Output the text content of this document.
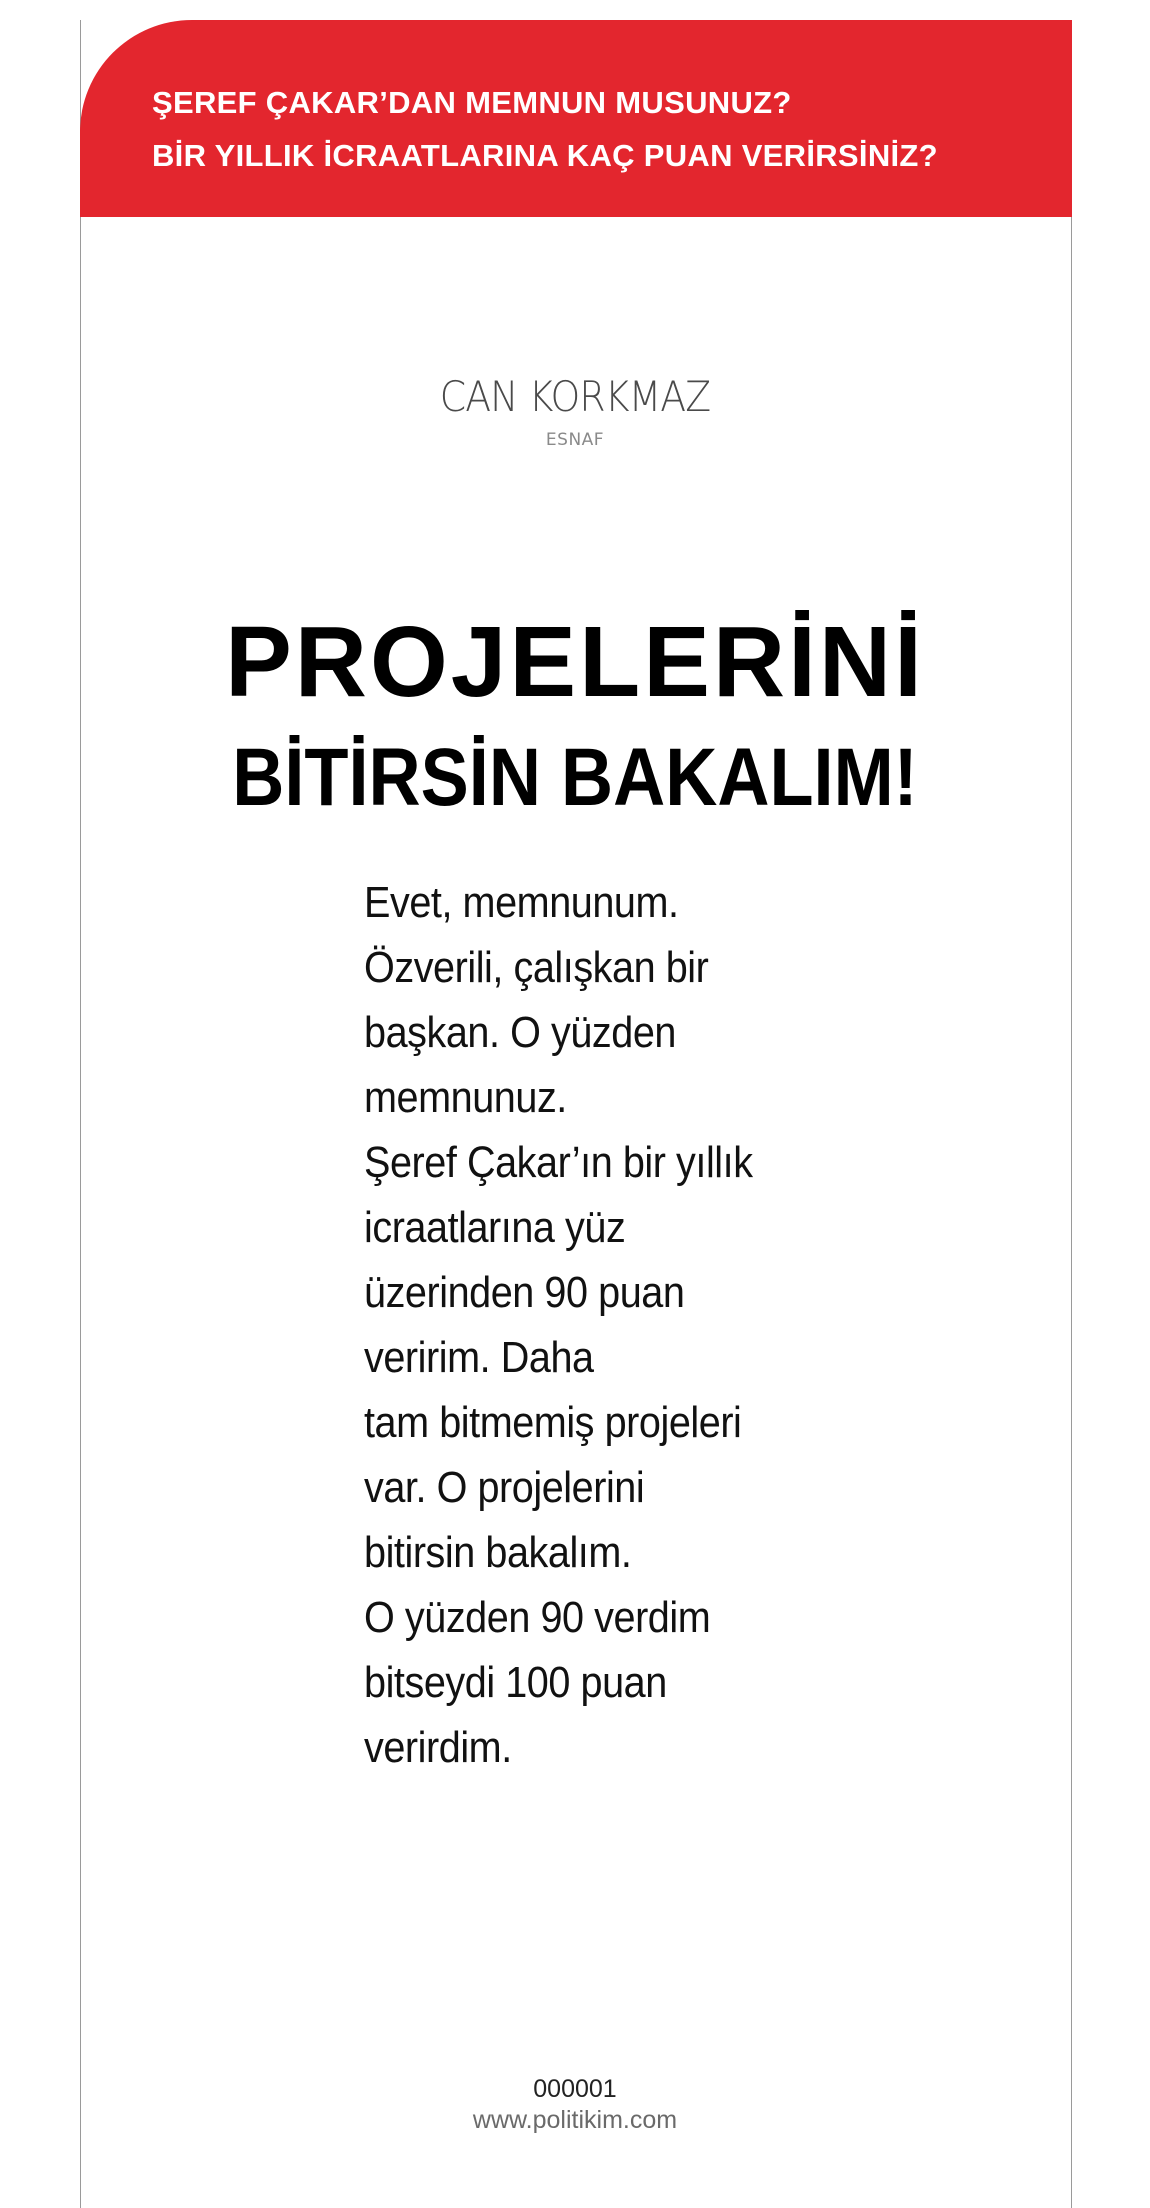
ŞEREF ÇAKAR’DAN MEMNUN MUSUNUZ?
BİR YILLIK İCRAATLARINA KAÇ PUAN VERİRSİNİZ?
CAN KORKMAZ
ESNAF
PROJELERİNİ
BİTİRSİN BAKALIM!
Evet, memnunum.
Özverili, çalışkan bir
başkan. O yüzden
memnunuz.
Şeref Çakar’ın bir yıllık
icraatlarına yüz
üzerinden 90 puan
veririm. Daha
tam bitmemiş projeleri
var. O projelerini
bitirsin bakalım.
O yüzden 90 verdim
bitseydi 100 puan
verirdim.
000001
www.politikim.com
